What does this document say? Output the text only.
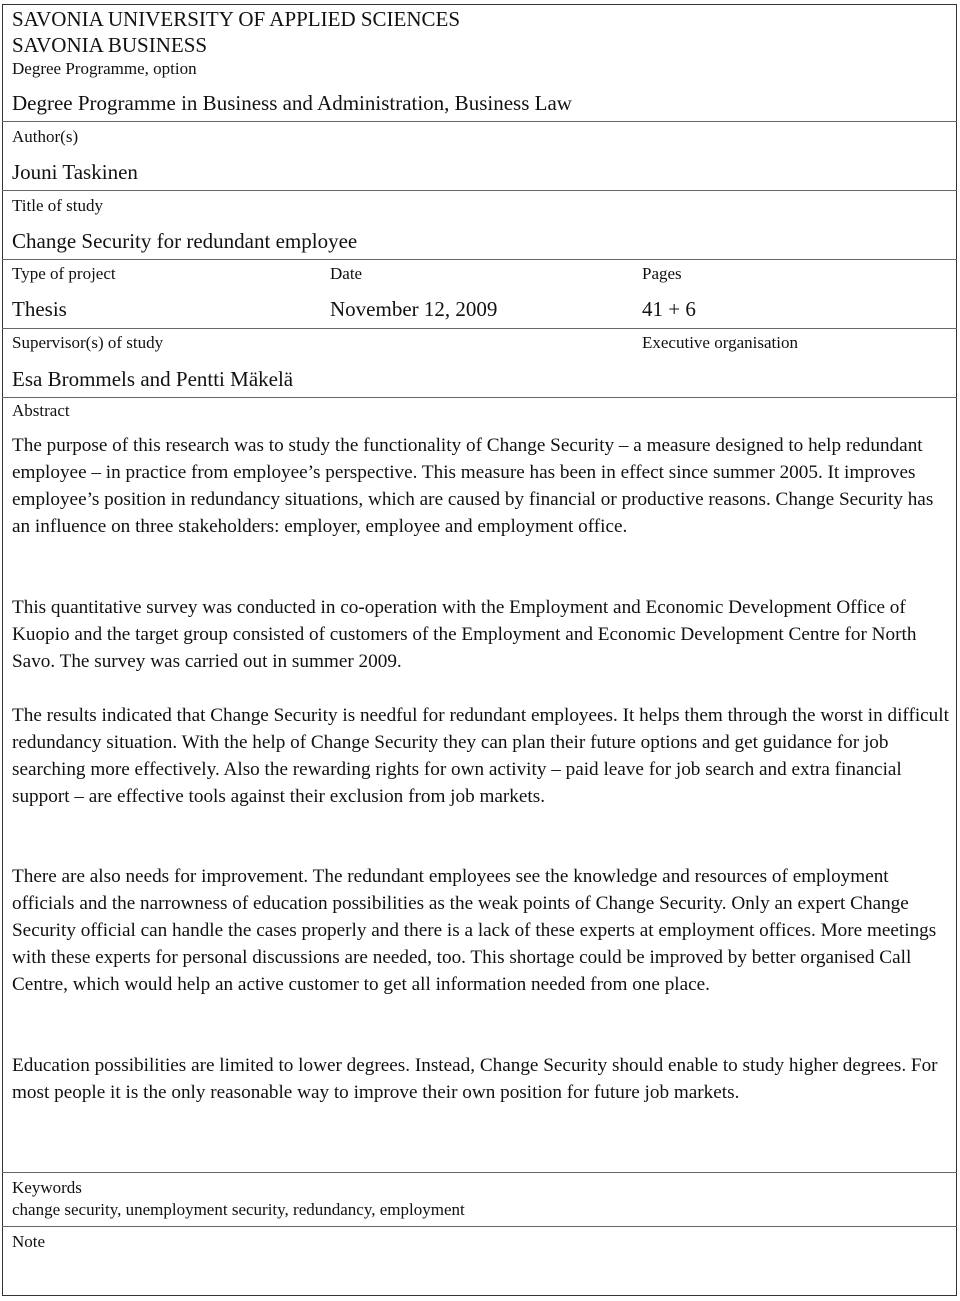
SAVONIA UNIVERSITY OF APPLIED SCIENCES
SAVONIA BUSINESS
Degree Programme, option
Degree Programme in Business and Administration, Business Law
Author(s)
Jouni Taskinen
Title of study
Change Security for redundant employee
Type of project	Date	Pages
Thesis	November 12, 2009	41 + 6
Supervisor(s) of study	Executive organisation
Esa Brommels and Pentti Mäkelä
Abstract

The purpose of this research was to study the functionality of Change Security – a measure designed to help redundant employee – in practice from employee’s perspective. This measure has been in effect since summer 2005. It improves employee’s position in redundancy situations, which are caused by financial or productive reasons. Change Security has an influence on three stakeholders: employer, employee and employment office.

This quantitative survey was conducted in co-operation with the Employment and Economic Development Office of Kuopio and the target group consisted of customers of the Employment and Economic Development Centre for North Savo. The survey was carried out in summer 2009.

The results indicated that Change Security is needful for redundant employees. It helps them through the worst in difficult redundancy situation. With the help of Change Security they can plan their future options and get guidance for job searching more effectively. Also the rewarding rights for own activity – paid leave for job search and extra financial support – are effective tools against their exclusion from job markets.

There are also needs for improvement. The redundant employees see the knowledge and resources of employment officials and the narrowness of education possibilities as the weak points of Change Security. Only an expert Change Security official can handle the cases properly and there is a lack of these experts at employment offices. More meetings with these experts for personal discussions are needed, too. This shortage could be improved by better organised Call Centre, which would help an active customer to get all information needed from one place.

Education possibilities are limited to lower degrees. Instead, Change Security should enable to study higher degrees. For most people it is the only reasonable way to improve their own position for future job markets.

Keywords
change security, unemployment security, redundancy, employment
Note
